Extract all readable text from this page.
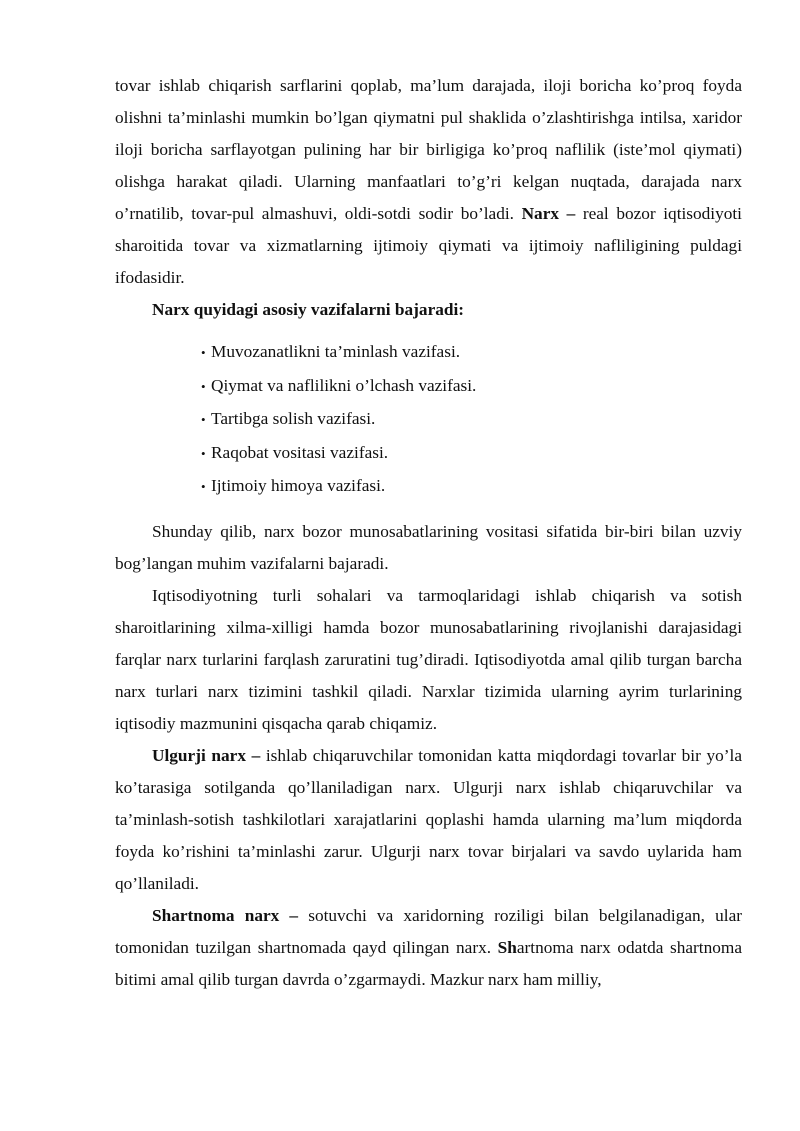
tovar ishlab chiqarish sarflarini qoplab, ma’lum darajada, iloji boricha ko’proq foyda olishni ta’minlashi mumkin bo’lgan qiymatni pul shaklida o’zlashtirishga intilsa, xaridor iloji boricha sarflayotgan pulining har bir birligiga ko’proq naflilik (iste’mol qiymati) olishga harakat qiladi. Ularning manfaatlari to’g’ri kelgan nuqtada, darajada narx o’rnatilib, tovar-pul almashuvi, oldi-sotdi sodir bo’ladi. Narx – real bozor iqtisodiyoti sharoitida tovar va xizmatlarning ijtimoiy qiymati va ijtimoiy nafliligining puldagi ifodasidir.

Narx quyidagi asosiy vazifalarni bajaradi:

• Muvozanatlikni ta’minlash vazifasi.
• Qiymat va naflilikni o’lchash vazifasi.
• Tartibga solish vazifasi.
• Raqobat vositasi vazifasi.
• Ijtimoiy himoya vazifasi.

Shunday qilib, narx bozor munosabatlarining vositasi sifatida bir-biri bilan uzviy bog’langan muhim vazifalarni bajaradi.

Iqtisodiyotning turli sohalari va tarmoqlaridagi ishlab chiqarish va sotish sharoitlarining xilma-xilligi hamda bozor munosabatlarining rivojlanishi darajasidagi farqlar narx turlarini farqlash zaruratini tug’diradi. Iqtisodiyotda amal qilib turgan barcha narx turlari narx tizimini tashkil qiladi. Narxlar tizimida ularning ayrim turlarining iqtisodiy mazmunini qisqacha qarab chiqamiz.

Ulgurji narx – ishlab chiqaruvchilar tomonidan katta miqdordagi tovarlar bir yo’la ko’tarasiga sotilganda qo’llaniladigan narx. Ulgurji narx ishlab chiqaruvchilar va ta’minlash-sotish tashkilotlari xarajatlarini qoplashi hamda ularning ma’lum miqdorda foyda ko’rishini ta’minlashi zarur. Ulgurji narx tovar birjalari va savdo uylarida ham qo’llaniladi.

Shartnoma narx – sotuvchi va xaridorning roziligi bilan belgilanadigan, ular tomonidan tuzilgan shartnomada qayd qilingan narx. Shartnoma narx odatda shartnoma bitimi amal qilib turgan davrda o’zgarmaydi. Mazkur narx ham milliy,
